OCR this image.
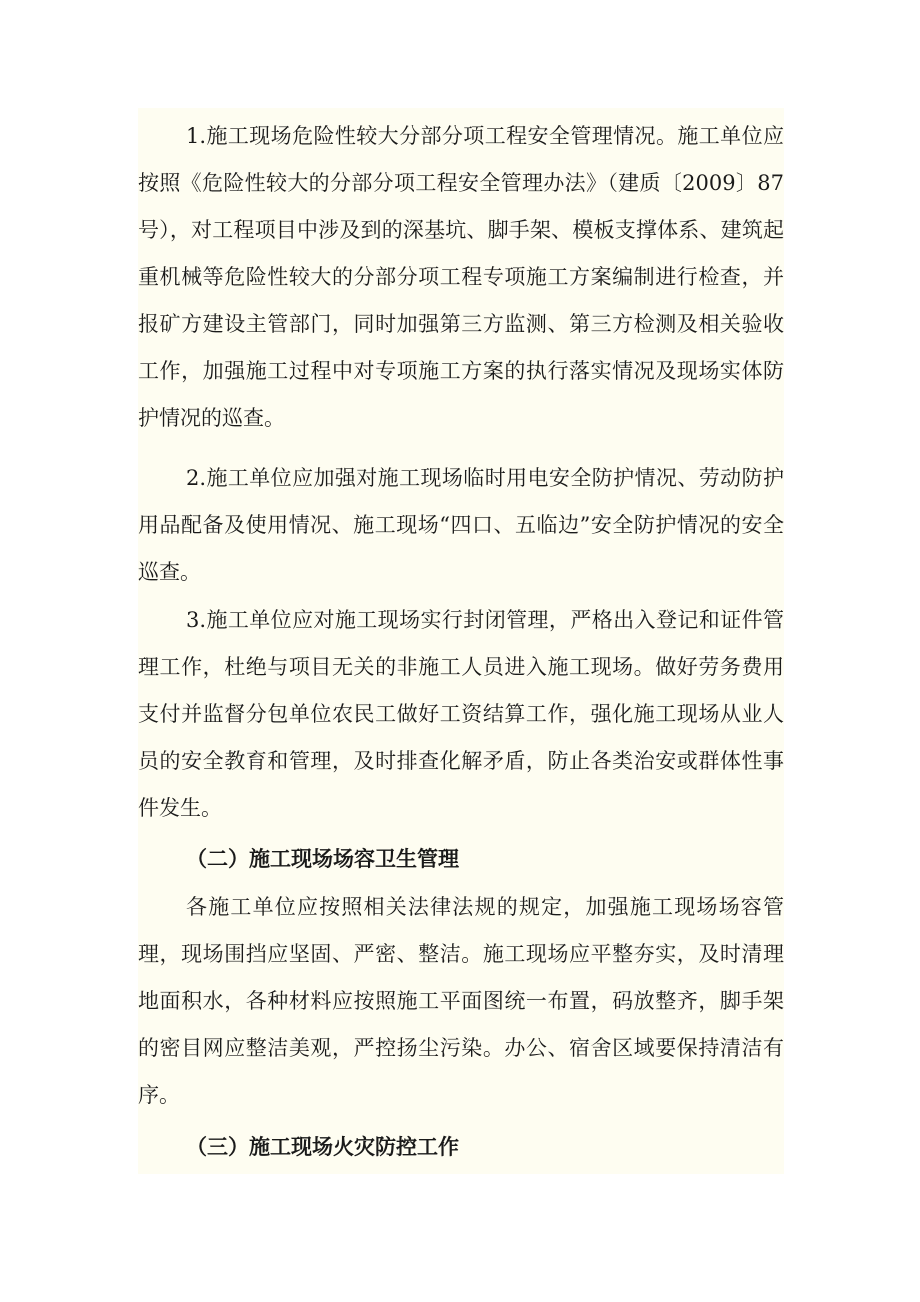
1.施工现场危险性较大分部分项工程安全管理情况。施工单位应按照《危险性较大的分部分项工程安全管理办法》（建质〔2009〕87号），对工程项目中涉及到的深基坑、脚手架、模板支撑体系、建筑起重机械等危险性较大的分部分项工程专项施工方案编制进行检查，并报矿方建设主管部门，同时加强第三方监测、第三方检测及相关验收工作，加强施工过程中对专项施工方案的执行落实情况及现场实体防护情况的巡查。

2.施工单位应加强对施工现场临时用电安全防护情况、劳动防护用品配备及使用情况、施工现场“四口、五临边”安全防护情况的安全巡查。

3.施工单位应对施工现场实行封闭管理，严格出入登记和证件管理工作，杜绝与项目无关的非施工人员进入施工现场。做好劳务费用支付并监督分包单位农民工做好工资结算工作，强化施工现场从业人员的安全教育和管理，及时排查化解矛盾，防止各类治安或群体性事件发生。

（二）施工现场场容卫生管理

各施工单位应按照相关法律法规的规定，加强施工现场场容管理，现场围挡应坚固、严密、整洁。施工现场应平整夯实，及时清理地面积水，各种材料应按照施工平面图统一布置，码放整齐，脚手架的密目网应整洁美观，严控扬尘污染。办公、宿舍区域要保持清洁有序。

（三）施工现场火灾防控工作
